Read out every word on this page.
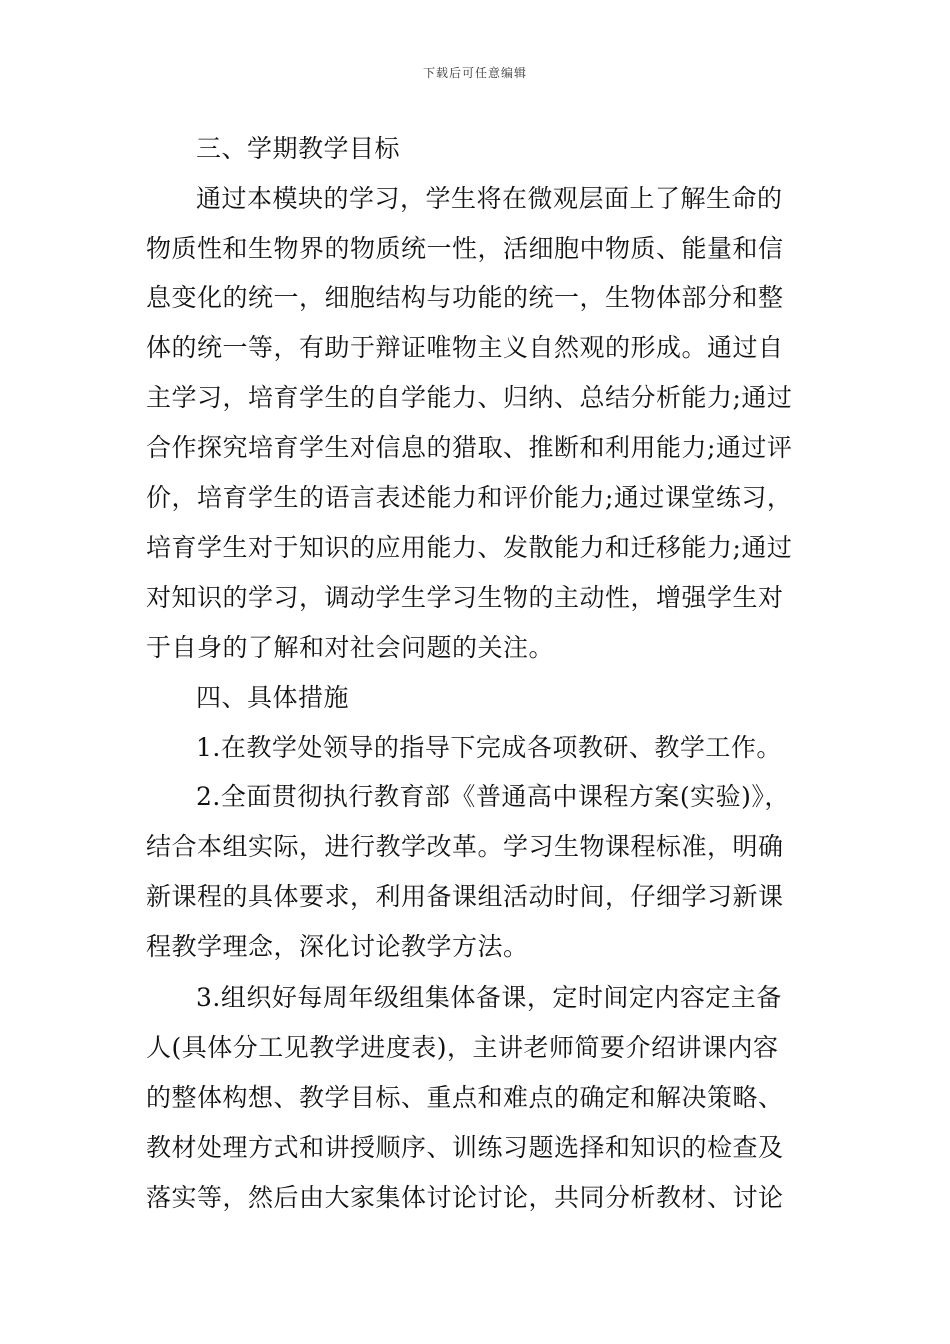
下载后可任意编辑
三、学期教学目标
通过本模块的学习，学生将在微观层面上了解生命的
物质性和生物界的物质统一性，活细胞中物质、能量和信
息变化的统一，细胞结构与功能的统一，生物体部分和整
体的统一等，有助于辩证唯物主义自然观的形成。通过自
主学习，培育学生的自学能力、归纳、总结分析能力;通过
合作探究培育学生对信息的猎取、推断和利用能力;通过评
价，培育学生的语言表述能力和评价能力;通过课堂练习，
培育学生对于知识的应用能力、发散能力和迁移能力;通过
对知识的学习，调动学生学习生物的主动性，增强学生对
于自身的了解和对社会问题的关注。
四、具体措施
1.在教学处领导的指导下完成各项教研、教学工作。
2.全面贯彻执行教育部《普通高中课程方案(实验)》，
结合本组实际，进行教学改革。学习生物课程标准，明确
新课程的具体要求，利用备课组活动时间，仔细学习新课
程教学理念，深化讨论教学方法。
3.组织好每周年级组集体备课，定时间定内容定主备
人(具体分工见教学进度表)，主讲老师简要介绍讲课内容
的整体构想、教学目标、重点和难点的确定和解决策略、
教材处理方式和讲授顺序、训练习题选择和知识的检查及
落实等，然后由大家集体讨论讨论，共同分析教材、讨论
